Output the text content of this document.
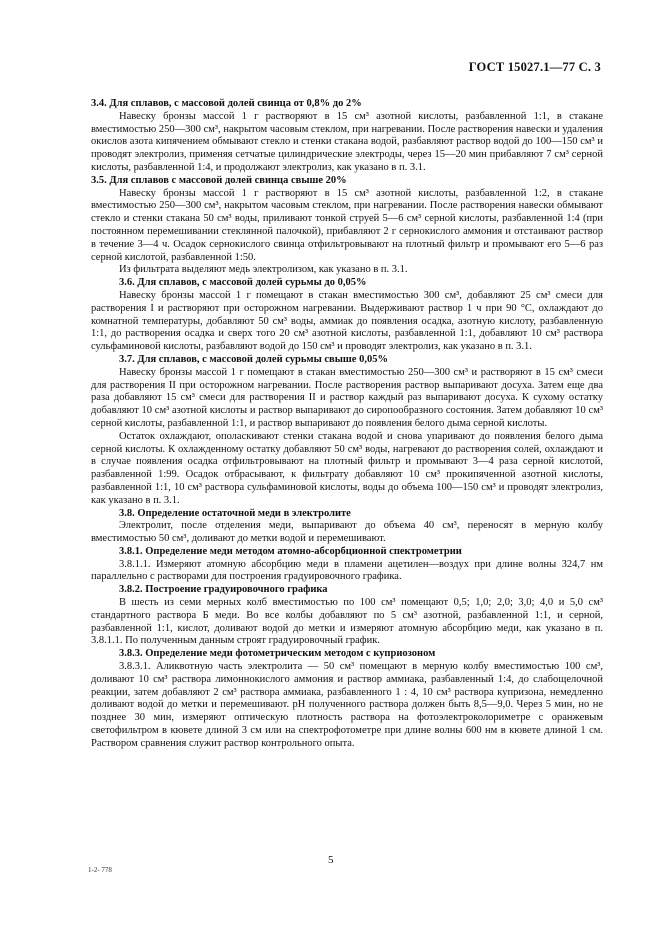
ГОСТ 15027.1—77 С. 3
3.4. Для сплавов, с массовой долей свинца от 0,8% до 2%

Навеску бронзы массой 1 г растворяют в 15 см³ азотной кислоты, разбавленной 1:1, в стакане вместимостью 250—300 см³, накрытом часовым стеклом, при нагревании. После растворения навески и удаления окислов азота кипячением обмывают стекло и стенки стакана водой, разбавляют раствор водой до 100—150 см³ и проводят электролиз, применяя сетчатые цилиндрические электроды, через 15—20 мин прибавляют 7 см³ серной кислоты, разбавленной 1:4, и продолжают электролиз, как указано в п. 3.1.

3.5. Для сплавов с массовой долей свинца свыше 20%

Навеску бронзы массой 1 г растворяют в 15 см³ азотной кислоты, разбавленной 1:2, в стакане вместимостью 250—300 см³, накрытом часовым стеклом, при нагревании. После растворения навески обмывают стекло и стенки стакана 50 см³ воды, приливают тонкой струей 5—6 см³ серной кислоты, разбавленной 1:4 (при постоянном перемешивании стеклянной палочкой), прибавляют 2 г сернокислого аммония и отстаивают раствор в течение 3—4 ч. Осадок сернокислого свинца отфильтровывают на плотный фильтр и промывают его 5—6 раз серной кислотой, разбавленной 1:50.

Из фильтрата выделяют медь электролизом, как указано в п. 3.1.

3.6. Для сплавов, с массовой долей сурьмы до 0,05%

Навеску бронзы массой 1 г помещают в стакан вместимостью 300 см³, добавляют 25 см³ смеси для растворения I и растворяют при осторожном нагревании. Выдерживают раствор 1 ч при 90 °С, охлаждают до комнатной температуры, добавляют 50 см³ воды, аммиак до появления осадка, азотную кислоту, разбавленную 1:1, до растворения осадка и сверх того 20 см³ азотной кислоты, разбавленной 1:1, добавляют 10 см³ раствора сульфаминовой кислоты, разбавляют водой до 150 см³ и проводят электролиз, как указано в п. 3.1.

3.7. Для сплавов, с массовой долей сурьмы свыше 0,05%

Навеску бронзы массой 1 г помещают в стакан вместимостью 250—300 см³ и растворяют в 15 см³ смеси для растворения II при осторожном нагревании. После растворения раствор выпаривают досуха. Затем еще два раза добавляют 15 см³ смеси для растворения II и раствор каждый раз выпаривают досуха. К сухому остатку добавляют 10 см³ азотной кислоты и раствор выпаривают до сиропообразного состояния. Затем добавляют 10 см³ серной кислоты, разбавленной 1:1, и раствор выпаривают до появления белого дыма серной кислоты.

Остаток охлаждают, ополаскивают стенки стакана водой и снова упаривают до появления белого дыма серной кислоты. К охлажденному остатку добавляют 50 см³ воды, нагревают до растворения солей, охлаждают и в случае появления осадка отфильтровывают на плотный фильтр и промывают 3—4 раза серной кислотой, разбавленной 1:99. Осадок отбрасывают, к фильтрату добавляют 10 см³ прокипяченной азотной кислоты, разбавленной 1:1, 10 см³ раствора сульфаминовой кислоты, воды до объема 100—150 см³ и проводят электролиз, как указано в п. 3.1.

3.8. Определение остаточной меди в электролите

Электролит, после отделения меди, выпаривают до объема 40 см³, переносят в мерную колбу вместимостью 50 см³, доливают до метки водой и перемешивают.

3.8.1. Определение меди методом атомно-абсорбционной спектрометрии

3.8.1.1. Измеряют атомную абсорбцию меди в пламени ацетилен—воздух при длине волны 324,7 нм параллельно с растворами для построения градуировочного графика.

3.8.2. Построение градуировочного графика

В шесть из семи мерных колб вместимостью по 100 см³ помещают 0,5; 1,0; 2,0; 3,0; 4,0 и 5,0 см³ стандартного раствора Б меди. Во все колбы добавляют по 5 см³ азотной, разбавленной 1:1, и серной, разбавленной 1:1, кислот, доливают водой до метки и измеряют атомную абсорбцию меди, как указано в п. 3.8.1.1. По полученным данным строят градуировочный график.

3.8.3. Определение меди фотометрическим методом с куприозоном

3.8.3.1. Аликвотную часть электролита — 50 см³ помещают в мерную колбу вместимостью 100 см³, доливают 10 см³ раствора лимоннокислого аммония и раствор аммиака, разбавленный 1:4, до слабощелочной реакции, затем добавляют 2 см³ раствора аммиака, разбавленного 1 : 4, 10 см³ раствора купризона, немедленно доливают водой до метки и перемешивают. pH полученного раствора должен быть 8,5—9,0. Через 5 мин, но не позднее 30 мин, измеряют оптическую плотность раствора на фотоэлектроколориметре с оранжевым светофильтром в кювете длиной 3 см или на спектрофотометре при длине волны 600 нм в кювете длиной 1 см. Раствором сравнения служит раствор контрольного опыта.

1-2- 778
5
